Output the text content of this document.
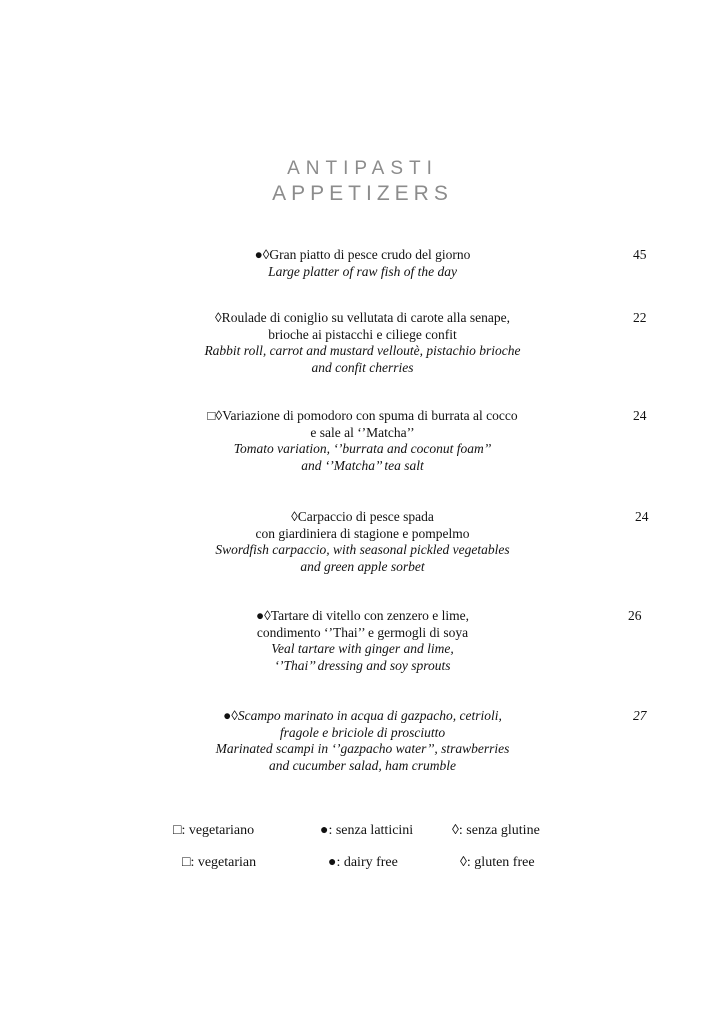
ANTIPASTI
APPETIZERS
●◊Gran piatto di pesce crudo del giorno
Large platter of raw fish of the day
45
◊Roulade di coniglio su vellutata di carote alla senape,
brioche ai pistacchi e ciliege confit
Rabbit roll, carrot and mustard velloutè, pistachio brioche
and confit cherries
22
□◊Variazione di pomodoro con spuma di burrata al cocco
e sale al ‘’Matcha’’
Tomato variation, ‘’burrata and coconut foam’’
and ‘’Matcha’’ tea salt
24
◊Carpaccio di pesce spada
con giardiniera di stagione e pompelmo
Swordfish carpaccio, with seasonal pickled vegetables
and green apple sorbet
24
●◊Tartare di vitello con zenzero e lime,
condimento ‘’Thai’’ e germogli di soya
Veal tartare with ginger and lime,
‘’Thai’’ dressing and soy sprouts
26
●◊Scampo marinato in acqua di gazpacho, cetrioli,
fragole e briciole di prosciutto
Marinated scampi in ‘’gazpacho water’’, strawberries
and cucumber salad, ham crumble
27
□: vegetariano	●: senza latticini	◊: senza glutine
□: vegetarian	●: dairy free	◊: gluten free
